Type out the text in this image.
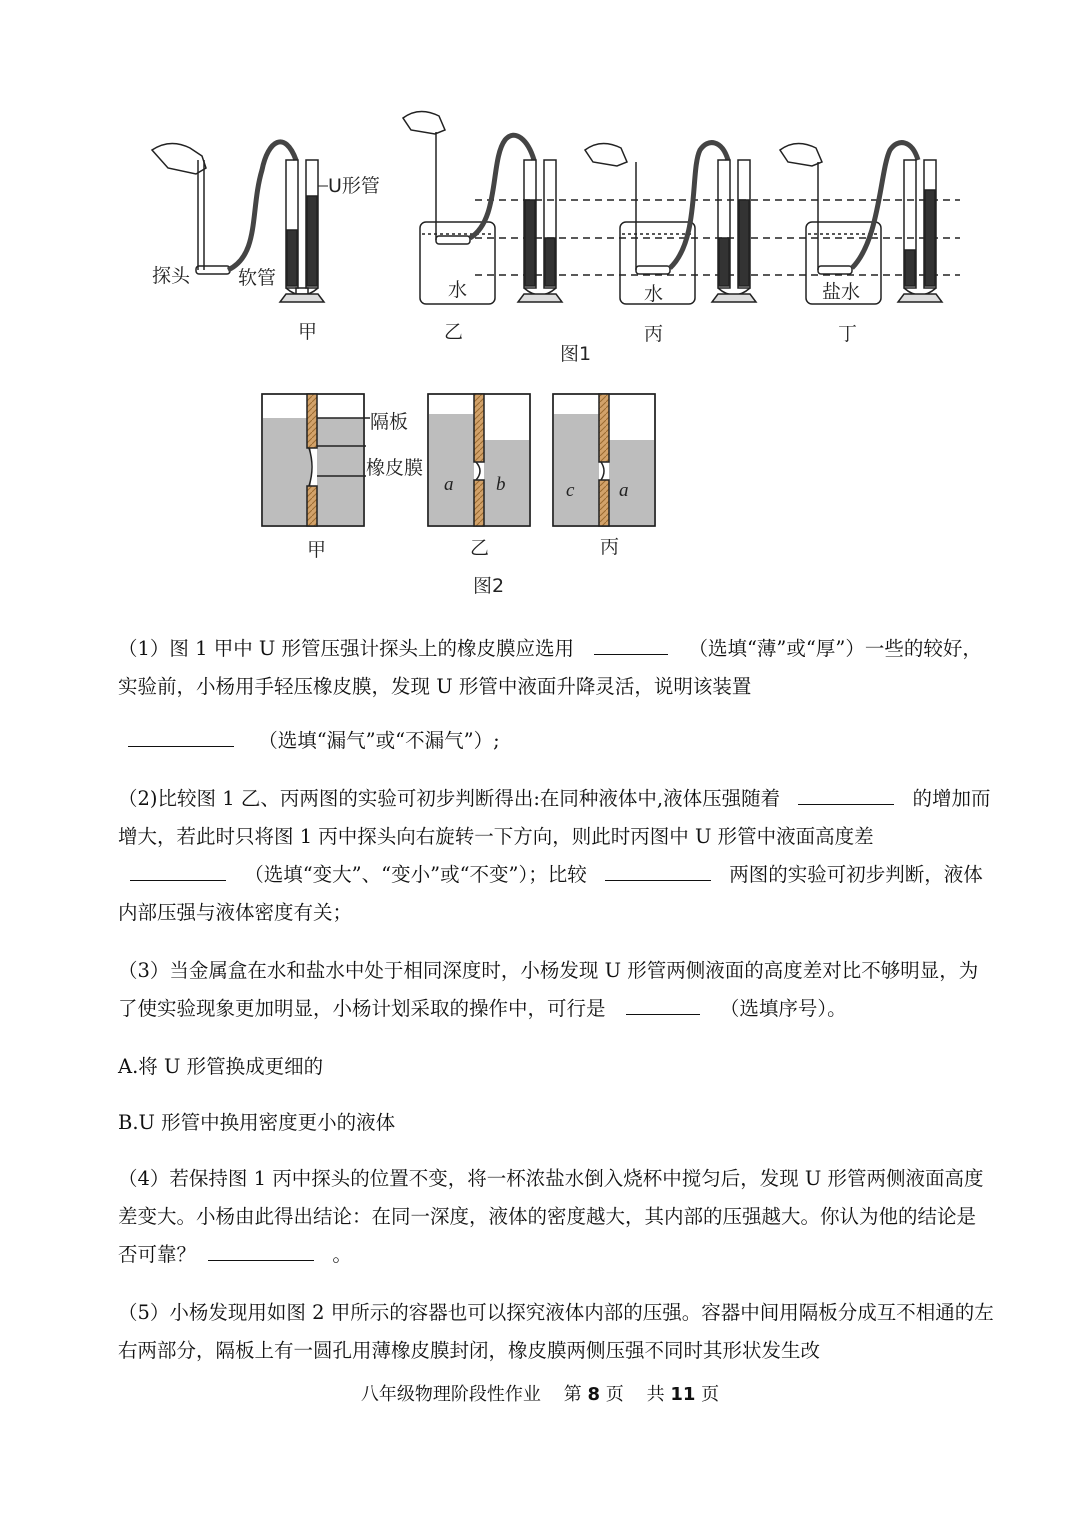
U形管
探头	软管
水	水	盐水
甲	乙	丙	丁
图1
隔板
橡皮膜
a b	c a
甲	乙	丙
图2

（1）图 1 甲中 U 形管压强计探头上的橡皮膜应选用	（选填“薄”或“厚”）一些的较好，实验前，小杨用手轻压橡皮膜，发现 U 形管中液面升降灵活，说明该装置
（选填“漏气”或“不漏气”）;

（2)比较图 1 乙、丙两图的实验可初步判断得出:在同种液体中,液体压强随着	的增加而增大，若此时只将图 1 丙中探头向右旋转一下方向，则此时丙图中 U 形管中液面高度差  （选填“变大”、“变小”或“不变”）；比较	两图的实验可初步判断，液体内部压强与液体密度有关；

（3）当金属盒在水和盐水中处于相同深度时，小杨发现 U 形管两侧液面的高度差对比不够明显，为了使实验现象更加明显，小杨计划采取的操作中，可行是	（选填序号）。

A.将 U 形管换成更细的

B.U 形管中换用密度更小的液体

（4）若保持图 1 丙中探头的位置不变，将一杯浓盐水倒入烧杯中搅匀后，发现 U 形管两侧液面高度差变大。小杨由此得出结论：在同一深度，液体的密度越大，其内部的压强越大。你认为他的结论是否可靠？	。

（5）小杨发现用如图 2 甲所示的容器也可以探究液体内部的压强。容器中间用隔板分成互不相通的左右两部分，隔板上有一圆孔用薄橡皮膜封闭，橡皮膜两侧压强不同时其形状发生改

八年级物理阶段性作业 第 8 页 共 11 页
